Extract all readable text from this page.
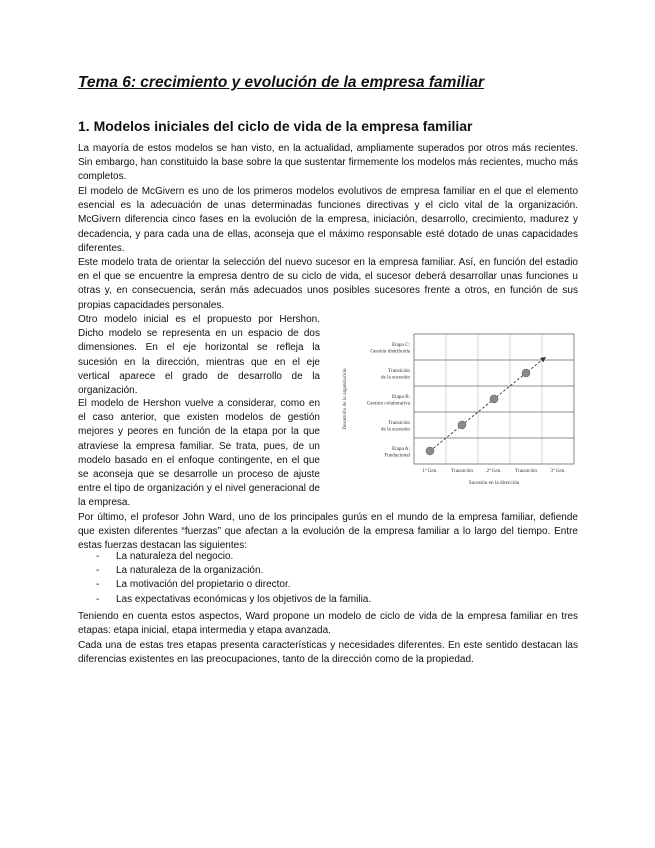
Tema 6: crecimiento y evolución de la empresa familiar
1. Modelos iniciales del ciclo de vida de la empresa familiar

La mayoría de estos modelos se han visto, en la actualidad, ampliamente superados por otros más recientes. Sin embargo, han constituido la base sobre la que sustentar firmemente los modelos más recientes, mucho más completos.

El modelo de McGivern es uno de los primeros modelos evolutivos de empresa familiar en el que el elemento esencial es la adecuación de unas determinadas funciones directivas y el ciclo vital de la organización. McGivern diferencia cinco fases en la evolución de la empresa, iniciación, desarrollo, crecimiento, madurez y decadencia, y para cada una de ellas, aconseja que el máximo responsable esté dotado de unas capacidades diferentes.

Este modelo trata de orientar la selección del nuevo sucesor en la empresa familiar. Así, en función del estadio en el que se encuentre la empresa dentro de su ciclo de vida, el sucesor deberá desarrollar unas funciones u otras y, en consecuencia, serán más adecuados unos posibles sucesores frente a otros, en función de sus propias capacidades personales.

Otro modelo inicial es el propuesto por Hershon. Dicho modelo se representa en un espacio de dos dimensiones. En el eje horizontal se refleja la sucesión en la dirección, mientras que en el eje vertical aparece el grado de desarrollo de la organización.

El modelo de Hershon vuelve a considerar, como en el caso anterior, que existen modelos de gestión mejores y peores en función de la etapa por la que atraviese la empresa familiar. Se trata, pues, de un modelo basado en el enfoque contingente, en el que se aconseja que se desarrolle un proceso de ajuste entre el tipo de organización y el nivel generacional de la empresa.

Etapa A: Fundacional
Transición de la sucesión
Etapa B: Gestión colaborativa
Transición de la sucesión
Etapa C: Gestión distribuida
1ª Gen.	Transición	2ª Gen.	Transición	3ª Gen.
Sucesión en la dirección
Desarrollo de la organización

Por último, el profesor John Ward, uno de los principales gurús en el mundo de la empresa familiar, defiende que existen diferentes “fuerzas” que afectan a la evolución de la empresa familiar a lo largo del tiempo. Entre estas fuerzas destacan las siguientes:

- La naturaleza del negocio.
- La naturaleza de la organización.
- La motivación del propietario o director.
- Las expectativas económicas y los objetivos de la familia.

Teniendo en cuenta estos aspectos, Ward propone un modelo de ciclo de vida de la empresa familiar en tres etapas: etapa inicial, etapa intermedia y etapa avanzada.

Cada una de estas tres etapas presenta características y necesidades diferentes. En este sentido destacan las diferencias existentes en las preocupaciones, tanto de la dirección como de la propiedad.
